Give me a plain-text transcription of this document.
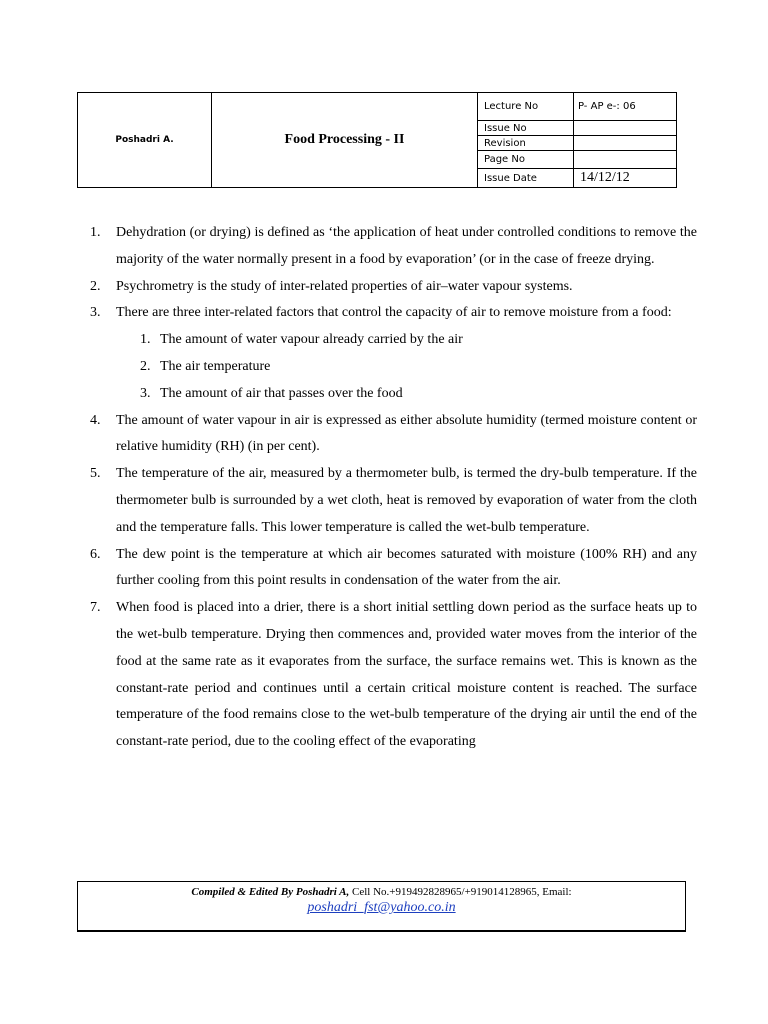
Poshadri A.	Food Processing - II	Lecture No	P- AP e-: 06
		Issue No	
		Revision	
		Page No	
		Issue Date	14/12/12
1. Dehydration (or drying) is defined as ‘the application of heat under controlled conditions to remove the majority of the water normally present in a food by evaporation’ (or in the case of freeze drying.
2. Psychrometry is the study of inter-related properties of air–water vapour systems.
3. There are three inter-related factors that control the capacity of air to remove moisture from a food:
1. The amount of water vapour already carried by the air
2. The air temperature
3. The amount of air that passes over the food
4. The amount of water vapour in air is expressed as either absolute humidity (termed moisture content or relative humidity (RH) (in per cent).
5. The temperature of the air, measured by a thermometer bulb, is termed the dry-bulb temperature. If the thermometer bulb is surrounded by a wet cloth, heat is removed by evaporation of water from the cloth and the temperature falls. This lower temperature is called the wet-bulb temperature.
6. The dew point is the temperature at which air becomes saturated with moisture (100% RH) and any further cooling from this point results in condensation of the water from the air.
7. When food is placed into a drier, there is a short initial settling down period as the surface heats up to the wet-bulb temperature. Drying then commences and, provided water moves from the interior of the food at the same rate as it evaporates from the surface, the surface remains wet. This is known as the constant-rate period and continues until a certain critical moisture content is reached. The surface temperature of the food remains close to the wet-bulb temperature of the drying air until the end of the constant-rate period, due to the cooling effect of the evaporating
Compiled & Edited By Poshadri A, Cell No.+919492828965/+919014128965, Email:
poshadri_fst@yahoo.co.in
